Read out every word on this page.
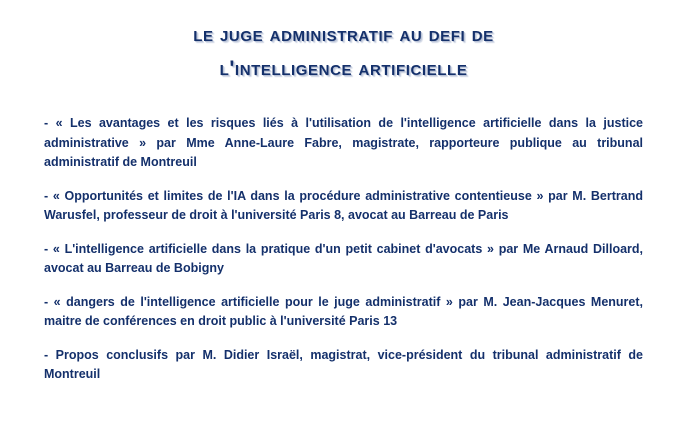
le juge administratif au defi de
l'intelligence artificielle

- « Les avantages et les risques liés à l'utilisation de l'intelligence artificielle dans la justice administrative » par Mme Anne-Laure Fabre, magistrate, rapporteure publique au tribunal administratif de Montreuil

- « Opportunités et limites de l'IA dans la procédure administrative contentieuse » par M. Bertrand Warusfel, professeur de droit à l'université Paris 8, avocat au Barreau de Paris

- « L'intelligence artificielle dans la pratique d'un petit cabinet d'avocats » par Me Arnaud Dilloard, avocat au Barreau de Bobigny

- « dangers de l'intelligence artificielle pour le juge administratif » par M. Jean-Jacques Menuret, maitre de conférences en droit public à l'université Paris 13

- Propos conclusifs par M. Didier Israël, magistrat, vice-président du tribunal administratif de Montreuil
